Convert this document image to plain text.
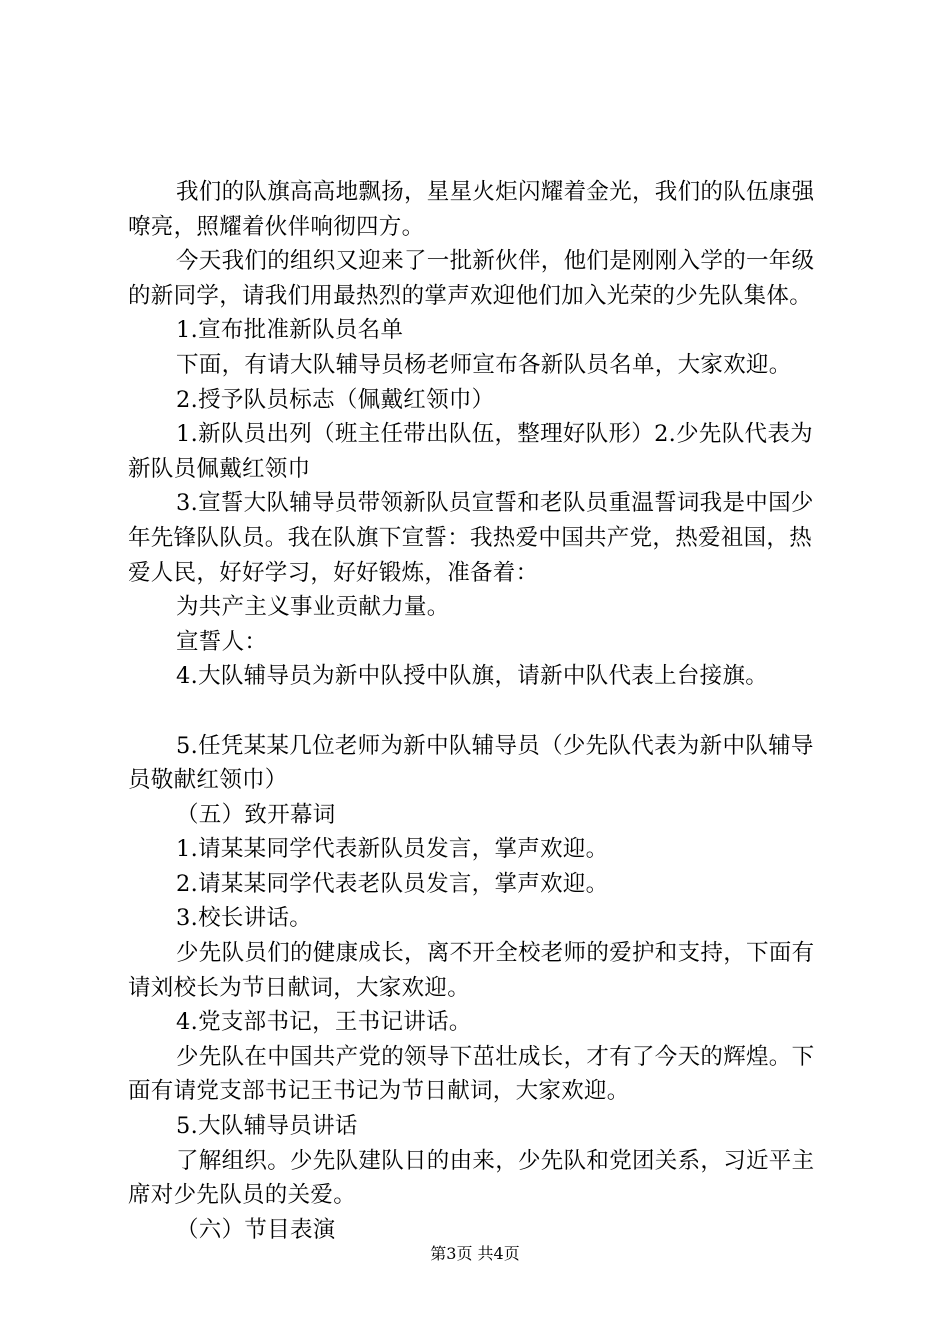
我们的队旗高高地飘扬，星星火炬闪耀着金光，我们的队伍康强嘹亮，照耀着伙伴响彻四方。

今天我们的组织又迎来了一批新伙伴，他们是刚刚入学的一年级的新同学，请我们用最热烈的掌声欢迎他们加入光荣的少先队集体。

1.宣布批准新队员名单

下面，有请大队辅导员杨老师宣布各新队员名单，大家欢迎。

2.授予队员标志（佩戴红领巾）

1.新队员出列（班主任带出队伍，整理好队形）2.少先队代表为新队员佩戴红领巾

3.宣誓大队辅导员带领新队员宣誓和老队员重温誓词我是中国少年先锋队队员。我在队旗下宣誓：我热爱中国共产党，热爱祖国，热爱人民，好好学习，好好锻炼，准备着：

为共产主义事业贡献力量。

宣誓人：

4.大队辅导员为新中队授中队旗，请新中队代表上台接旗。

5.任凭某某几位老师为新中队辅导员（少先队代表为新中队辅导员敬献红领巾）

（五）致开幕词

1.请某某同学代表新队员发言，掌声欢迎。

2.请某某同学代表老队员发言，掌声欢迎。

3.校长讲话。

少先队员们的健康成长，离不开全校老师的爱护和支持，下面有请刘校长为节日献词，大家欢迎。

4.党支部书记，王书记讲话。

少先队在中国共产党的领导下茁壮成长，才有了今天的辉煌。下面有请党支部书记王书记为节日献词，大家欢迎。

5.大队辅导员讲话

了解组织。少先队建队日的由来，少先队和党团关系，习近平主席对少先队员的关爱。

（六）节目表演

第3页 共4页
